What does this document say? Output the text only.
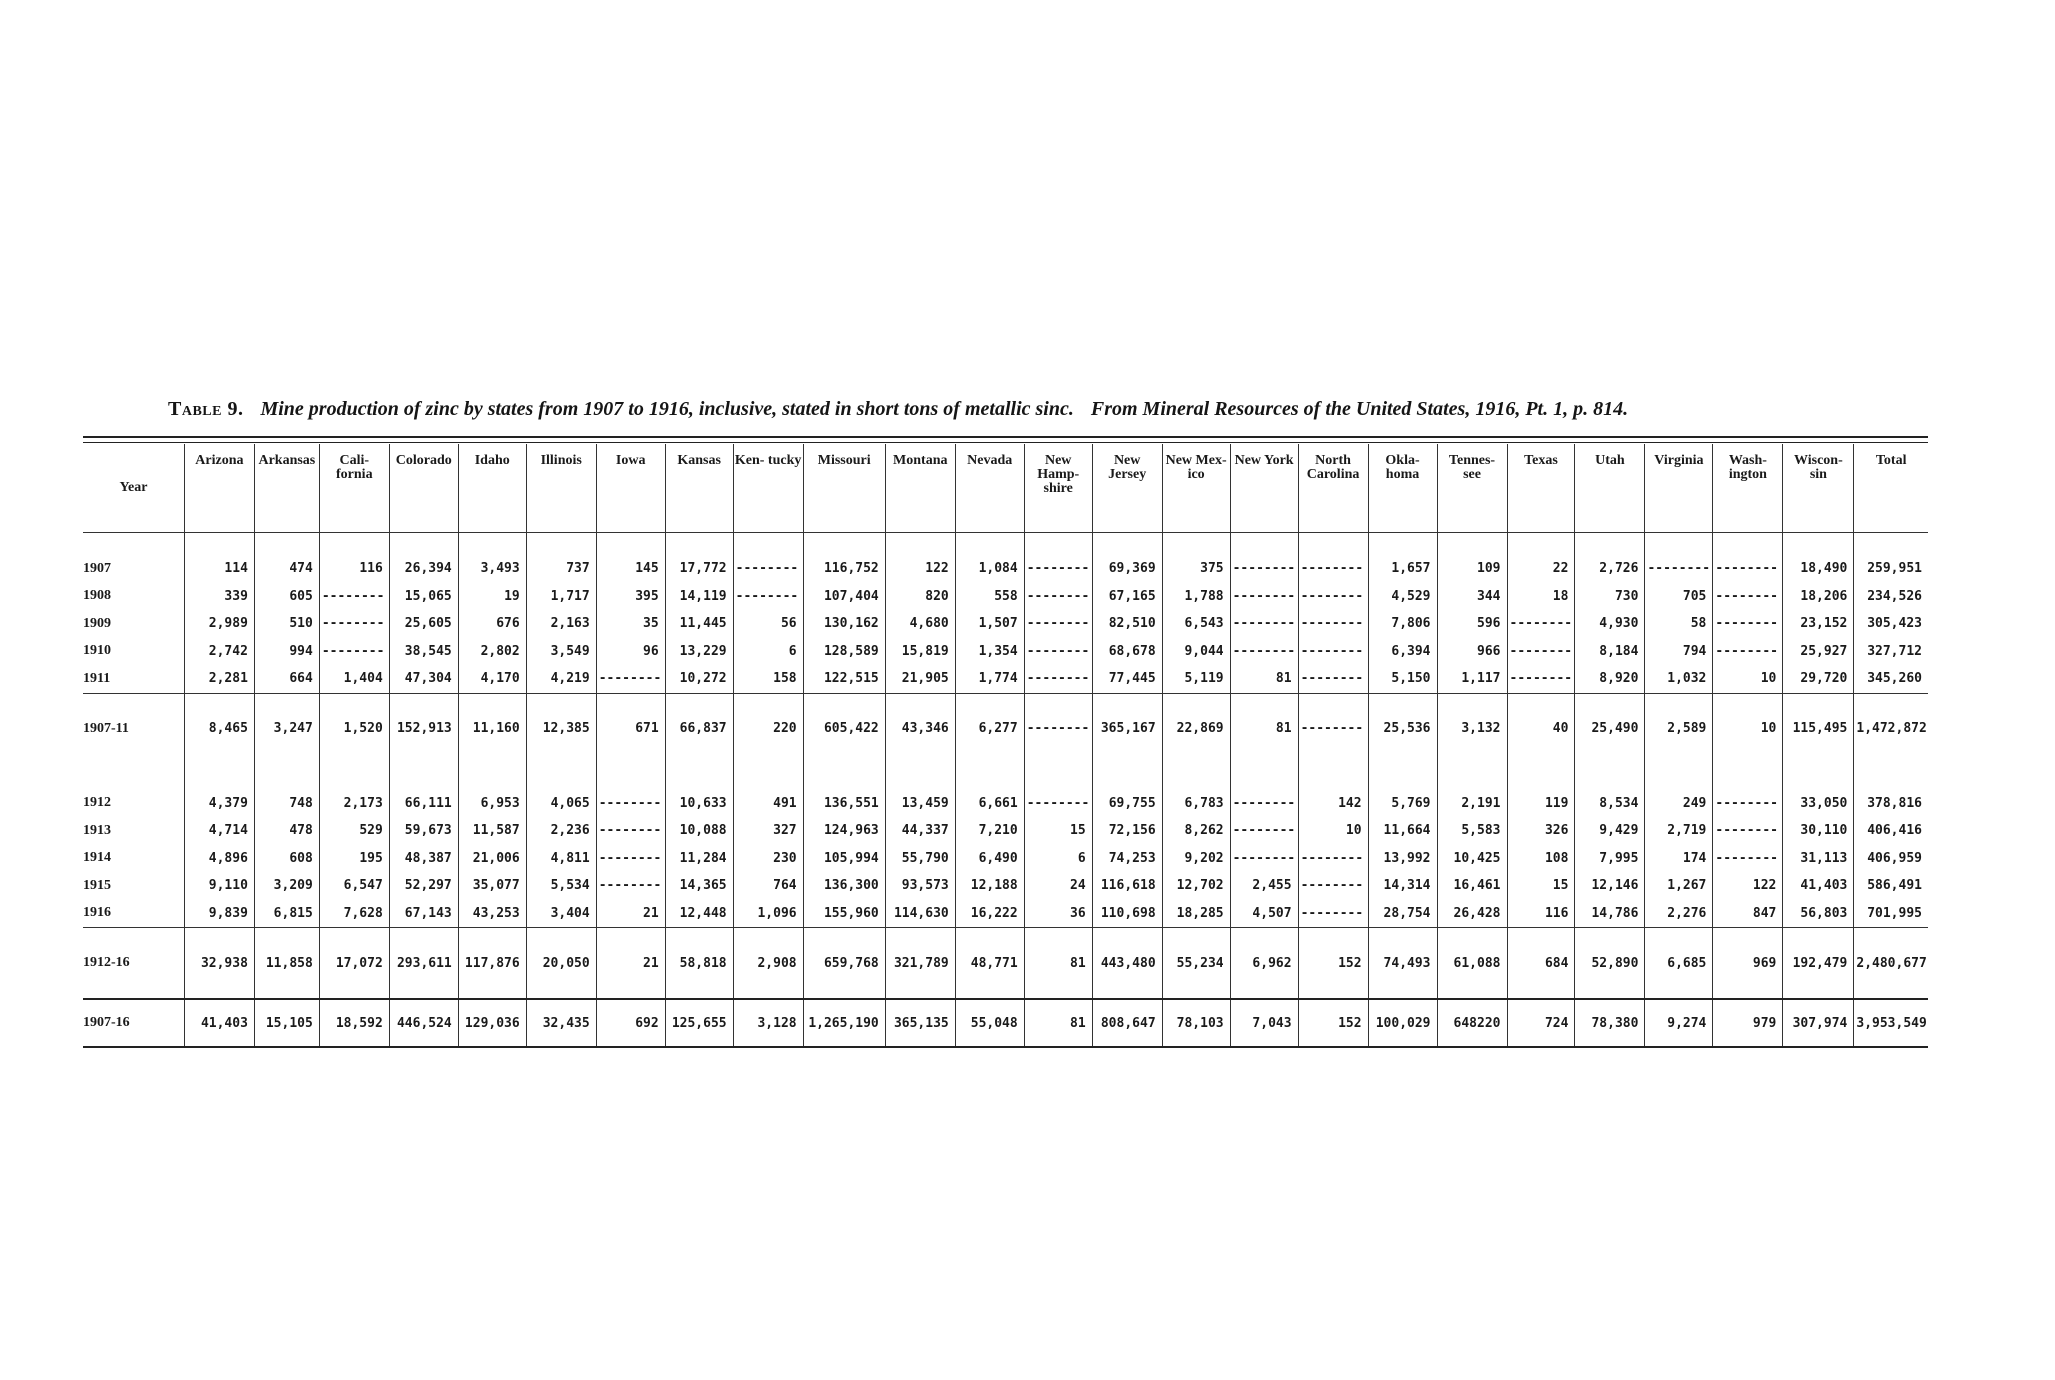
Table 9. Mine production of zinc by states from 1907 to 1916, inclusive, stated in short tons of metallic sinc. From Mineral Resources of the United States, 1916, Pt. 1, p. 814.
Year	Arizona	Arkansas	Cali- fornia	Colorado	Idaho	Illinois	Iowa	Kansas	Ken- tucky	Missouri	Montana	Nevada	New Hamp- shire	New Jersey	New Mex- ico	New York	North Carolina	Okla- homa	Tennes- see	Texas	Utah	Virginia	Wash- ington	Wiscon- sin	Total
1907	114	474	116	26,394	3,493	737	145	17,772	--------	116,752	122	1,084	--------	69,369	375	--------	--------	1,657	109	22	2,726	--------	--------	18,490	259,951
1908	339	605	--------	15,065	19	1,717	395	14,119	--------	107,404	820	558	--------	67,165	1,788	--------	--------	4,529	344	18	730	705	--------	18,206	234,526
1909	2,989	510	--------	25,605	676	2,163	35	11,445	56	130,162	4,680	1,507	--------	82,510	6,543	--------	--------	7,806	596	--------	4,930	58	--------	23,152	305,423
1910	2,742	994	--------	38,545	2,802	3,549	96	13,229	6	128,589	15,819	1,354	--------	68,678	9,044	--------	--------	6,394	966	--------	8,184	794	--------	25,927	327,712
1911	2,281	664	1,404	47,304	4,170	4,219	--------	10,272	158	122,515	21,905	1,774	--------	77,445	5,119	81	--------	5,150	1,117	--------	8,920	1,032	10	29,720	345,260
1907-11	8,465	3,247	1,520	152,913	11,160	12,385	671	66,837	220	605,422	43,346	6,277	--------	365,167	22,869	81	--------	25,536	3,132	40	25,490	2,589	10	115,495	1,472,872
1912	4,379	748	2,173	66,111	6,953	4,065	--------	10,633	491	136,551	13,459	6,661	--------	69,755	6,783	--------	142	5,769	2,191	119	8,534	249	--------	33,050	378,816
1913	4,714	478	529	59,673	11,587	2,236	--------	10,088	327	124,963	44,337	7,210	15	72,156	8,262	--------	10	11,664	5,583	326	9,429	2,719	--------	30,110	406,416
1914	4,896	608	195	48,387	21,006	4,811	--------	11,284	230	105,994	55,790	6,490	6	74,253	9,202	--------	--------	13,992	10,425	108	7,995	174	--------	31,113	406,959
1915	9,110	3,209	6,547	52,297	35,077	5,534	--------	14,365	764	136,300	93,573	12,188	24	116,618	12,702	2,455	--------	14,314	16,461	15	12,146	1,267	122	41,403	586,491
1916	9,839	6,815	7,628	67,143	43,253	3,404	21	12,448	1,096	155,960	114,630	16,222	36	110,698	18,285	4,507	--------	28,754	26,428	116	14,786	2,276	847	56,803	701,995
1912-16	32,938	11,858	17,072	293,611	117,876	20,050	21	58,818	2,908	659,768	321,789	48,771	81	443,480	55,234	6,962	152	74,493	61,088	684	52,890	6,685	969	192,479	2,480,677
1907-16	41,403	15,105	18,592	446,524	129,036	32,435	692	125,655	3,128	1,265,190	365,135	55,048	81	808,647	78,103	7,043	152	100,029	648220	724	78,380	9,274	979	307,974	3,953,549
